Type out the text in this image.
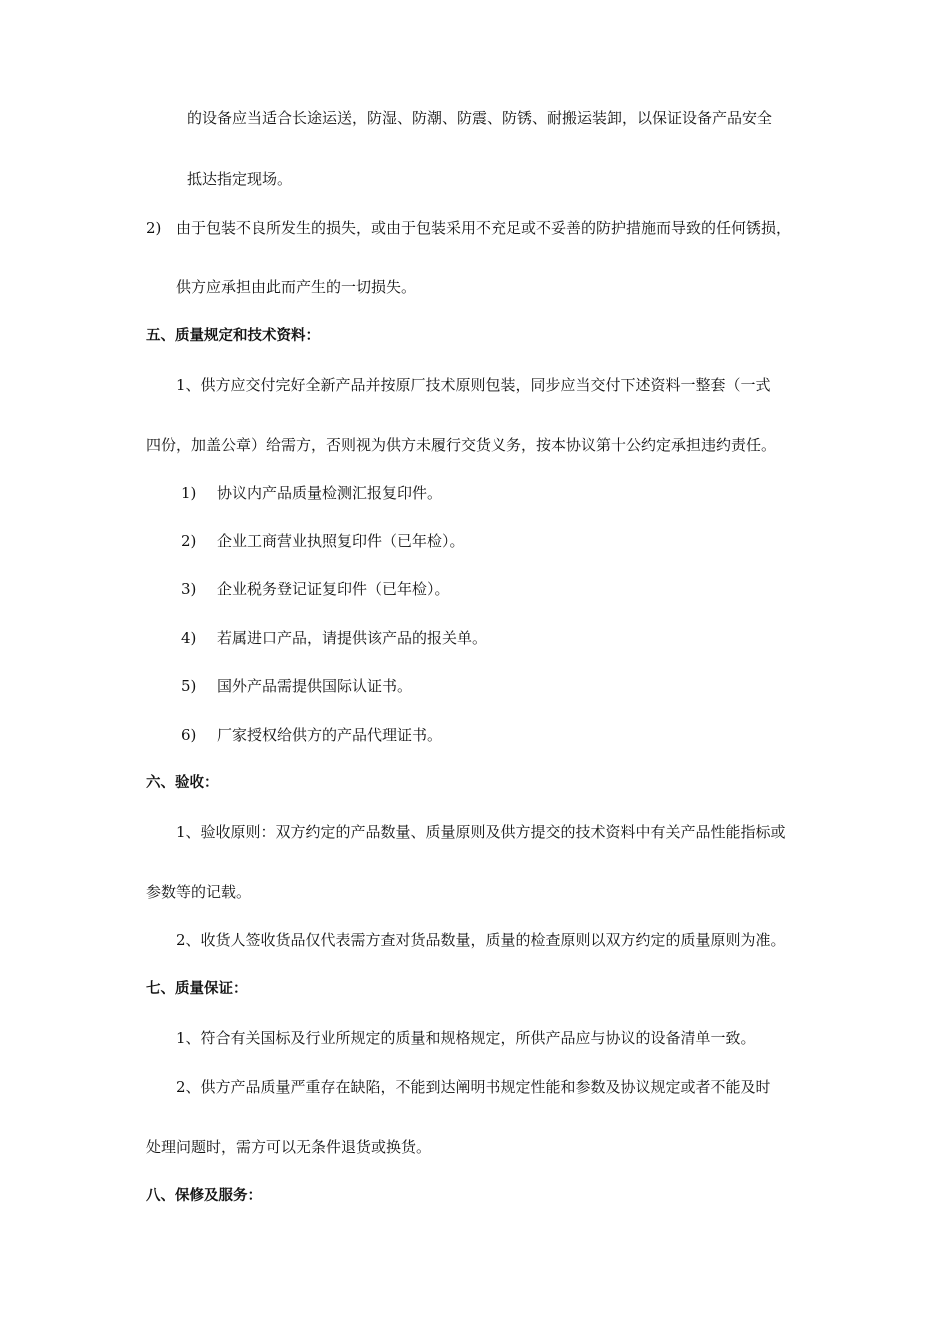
的设备应当适合长途运送，防湿、防潮、防震、防锈、耐搬运装卸，以保证设备产品安全
抵达指定现场。
2) 由于包装不良所发生的损失，或由于包装采用不充足或不妥善的防护措施而导致的任何锈损，
供方应承担由此而产生的一切损失。
五、质量规定和技术资料：
1、供方应交付完好全新产品并按原厂技术原则包装，同步应当交付下述资料一整套（一式
四份，加盖公章）给需方，否则视为供方未履行交货义务，按本协议第十公约定承担违约责任。
1) 协议内产品质量检测汇报复印件。
2) 企业工商营业执照复印件（已年检）。
3) 企业税务登记证复印件（已年检）。
4) 若属进口产品，请提供该产品的报关单。
5) 国外产品需提供国际认证书。
6) 厂家授权给供方的产品代理证书。
六、验收：
1、验收原则：双方约定的产品数量、质量原则及供方提交的技术资料中有关产品性能指标或
参数等的记载。
2、收货人签收货品仅代表需方查对货品数量，质量的检查原则以双方约定的质量原则为准。
七、质量保证：
1、符合有关国标及行业所规定的质量和规格规定，所供产品应与协议的设备清单一致。
2、供方产品质量严重存在缺陷，不能到达阐明书规定性能和参数及协议规定或者不能及时
处理问题时，需方可以无条件退货或换货。
八、保修及服务：
